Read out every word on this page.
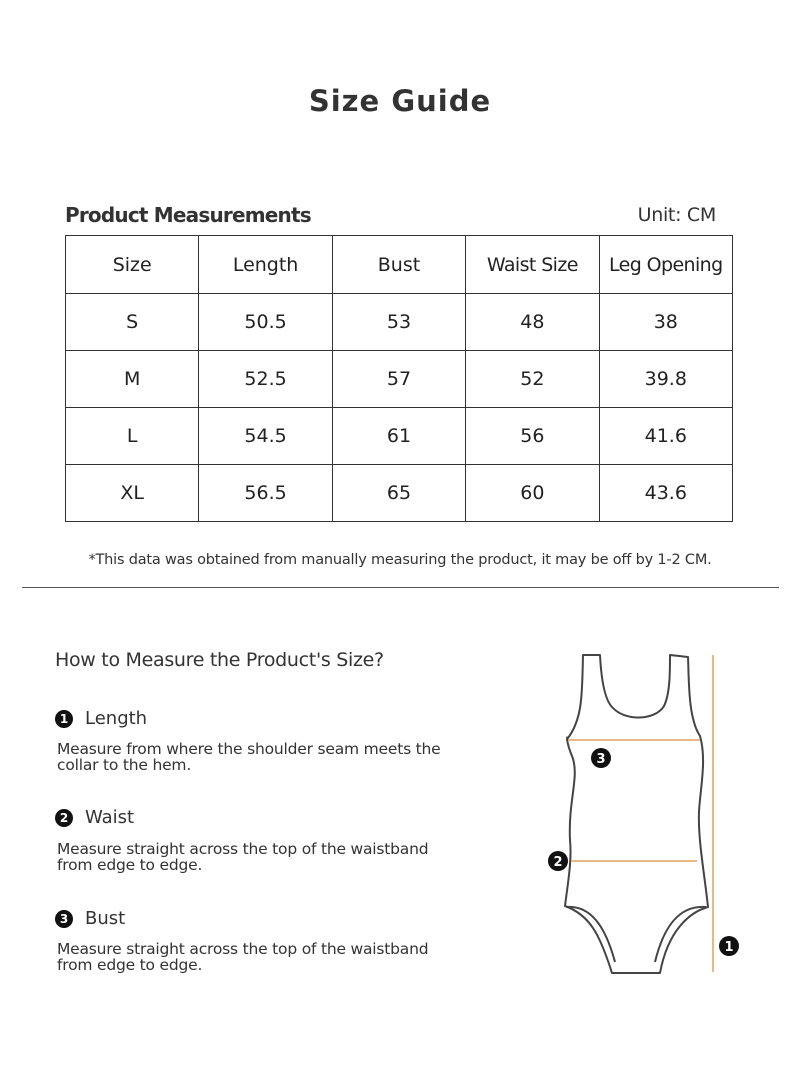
Size Guide
Product Measurements	Unit: CM
Size	Length	Bust	Waist Size	Leg Opening
S	50.5	53	48	38
M	52.5	57	52	39.8
L	54.5	61	56	41.6
XL	56.5	65	60	43.6
*This data was obtained from manually measuring the product, it may be off by 1-2 CM.
How to Measure the Product's Size?
1 Length
Measure from where the shoulder seam meets the
collar to the hem.
2 Waist
Measure straight across the top of the waistband
from edge to edge.
3 Bust
Measure straight across the top of the waistband
from edge to edge.
3
2
1
